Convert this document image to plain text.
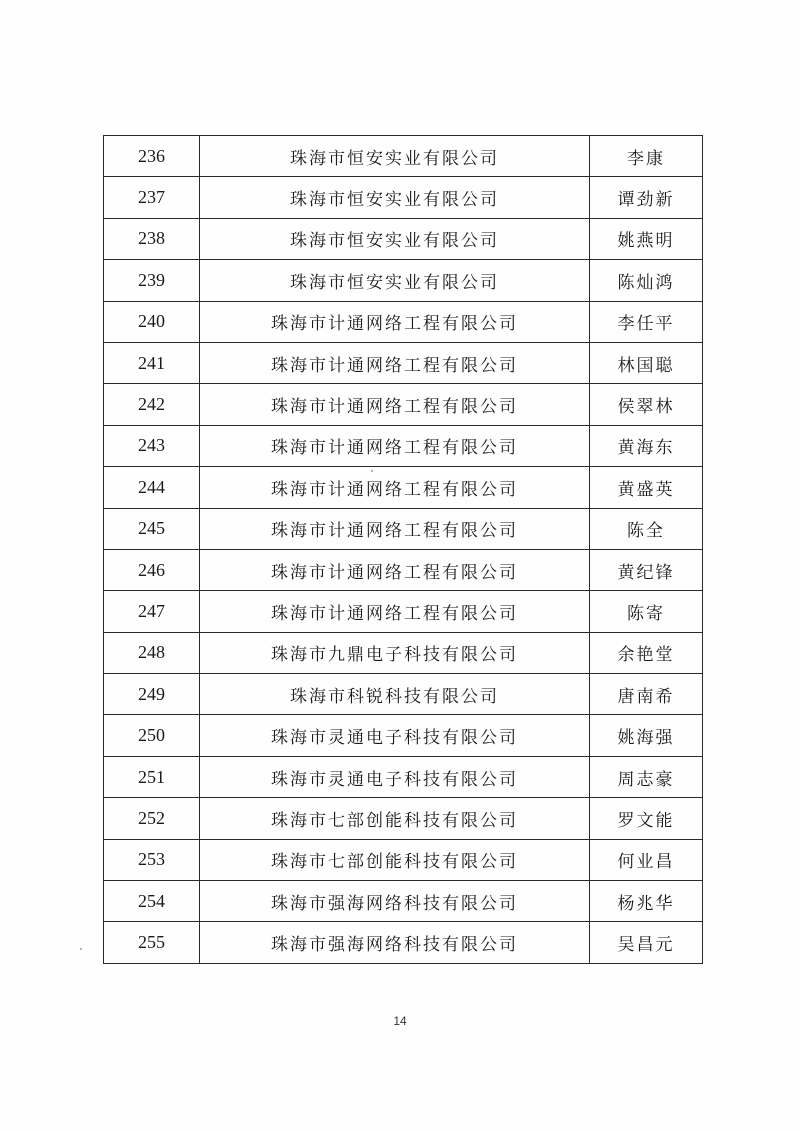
236	珠海市恒安实业有限公司	李康
237	珠海市恒安实业有限公司	谭劲新
238	珠海市恒安实业有限公司	姚燕明
239	珠海市恒安实业有限公司	陈灿鸿
240	珠海市计通网络工程有限公司	李任平
241	珠海市计通网络工程有限公司	林国聪
242	珠海市计通网络工程有限公司	侯翠林
243	珠海市计通网络工程有限公司	黄海东
244	珠海市计通网络工程有限公司	黄盛英
245	珠海市计通网络工程有限公司	陈全
246	珠海市计通网络工程有限公司	黄纪锋
247	珠海市计通网络工程有限公司	陈寄
248	珠海市九鼎电子科技有限公司	余艳堂
249	珠海市科锐科技有限公司	唐南希
250	珠海市灵通电子科技有限公司	姚海强
251	珠海市灵通电子科技有限公司	周志豪
252	珠海市七部创能科技有限公司	罗文能
253	珠海市七部创能科技有限公司	何业昌
254	珠海市强海网络科技有限公司	杨兆华
255	珠海市强海网络科技有限公司	吴昌元
14
